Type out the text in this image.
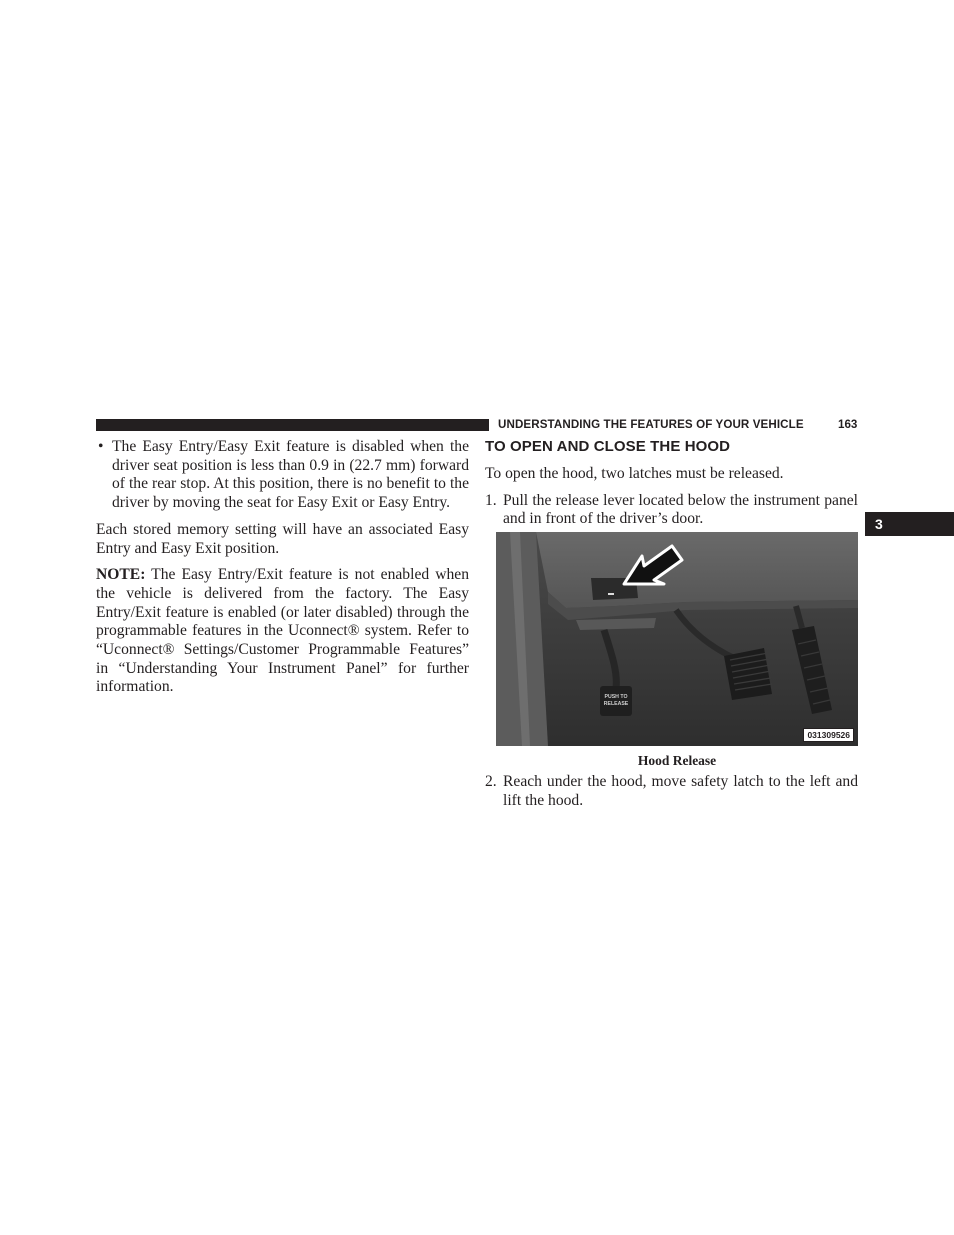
UNDERSTANDING THE FEATURES OF YOUR VEHICLE	163
3
• The Easy Entry/Easy Exit feature is disabled when the driver seat position is less than 0.9 in (22.7 mm) forward of the rear stop. At this position, there is no benefit to the driver by moving the seat for Easy Exit or Easy Entry.

Each stored memory setting will have an associated Easy Entry and Easy Exit position.

NOTE: The Easy Entry/Exit feature is not enabled when the vehicle is delivered from the factory. The Easy Entry/Exit feature is enabled (or later disabled) through the programmable features in the Uconnect® system. Refer to “Uconnect® Settings/Customer Programmable Features” in “Understanding Your Instrument Panel” for further information.

TO OPEN AND CLOSE THE HOOD

To open the hood, two latches must be released.

1. Pull the release lever located below the instrument panel and in front of the driver’s door.

PUSH TO
RELEASE
031309526
Hood Release
2. Reach under the hood, move safety latch to the left and lift the hood.
